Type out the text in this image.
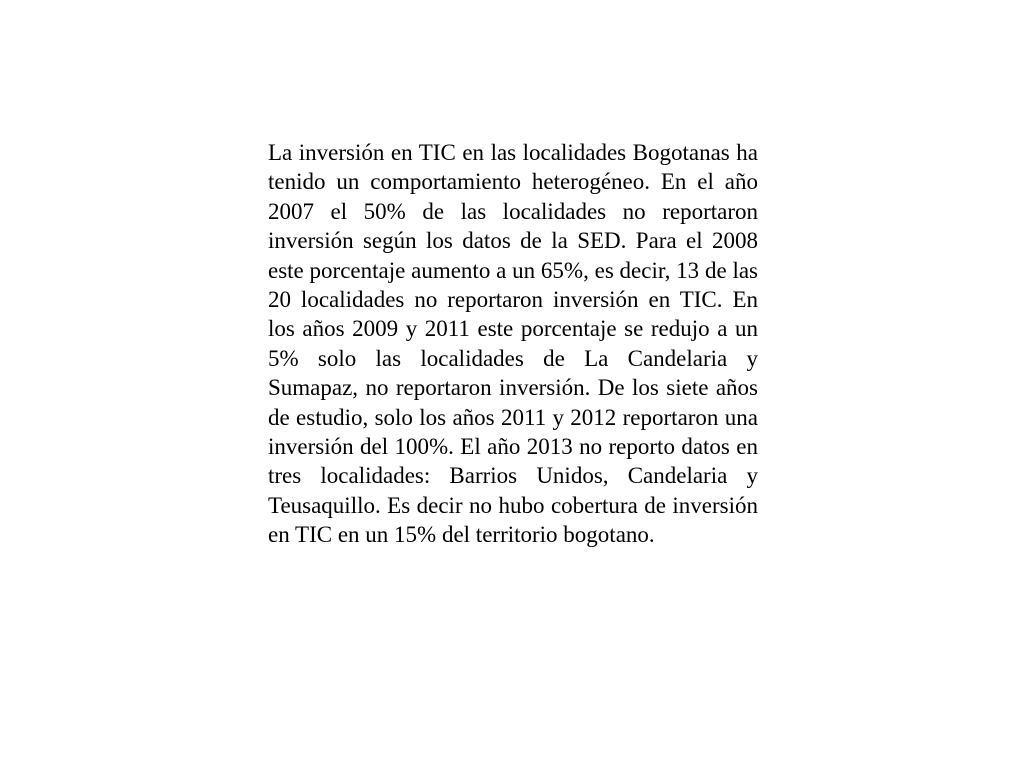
La inversión en TIC en las localidades Bogotanas ha tenido un comportamiento heterogéneo. En el año 2007 el 50% de las localidades no reportaron inversión según los datos de la SED. Para el 2008 este porcentaje aumento a un 65%, es decir, 13 de las 20 localidades no reportaron inversión en TIC. En los años 2009 y 2011 este porcentaje se redujo a un 5% solo las localidades de La Candelaria y Sumapaz, no reportaron inversión. De los siete años de estudio, solo los años 2011 y 2012 reportaron una inversión del 100%. El año 2013 no reporto datos en tres localidades: Barrios Unidos, Candelaria y Teusaquillo. Es decir no hubo cobertura de inversión en TIC en un 15% del territorio bogotano.
